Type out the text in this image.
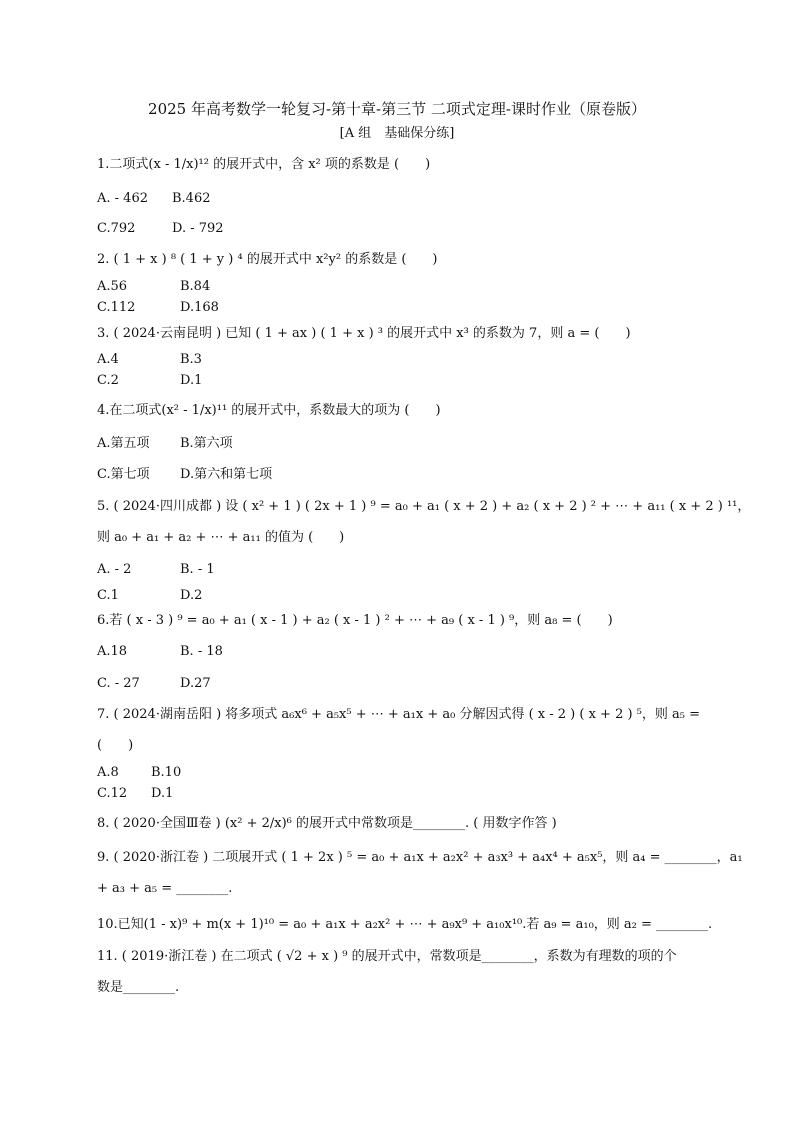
2025 年高考数学一轮复习-第十章-第三节 二项式定理-课时作业（原卷版）
[A 组　基础保分练]
1.二项式(x - 1/x)¹² 的展开式中，含 x² 项的系数是 (　　)
A. - 462 B.462
C.792	D. - 792
2. ( 1 + x ) ⁸ ( 1 + y ) ⁴ 的展开式中 x²y² 的系数是 (　　)
A.56	B.84
C.112	D.168
3. ( 2024·云南昆明 ) 已知 ( 1 + ax ) ( 1 + x ) ³ 的展开式中 x³ 的系数为 7，则 a = (　　)
A.4	B.3
C.2	D.1
4.在二项式(x² - 1/x)¹¹ 的展开式中，系数最大的项为 (　　)
A.第五项 B.第六项
C.第七项 D.第六和第七项
5. ( 2024·四川成都 ) 设 ( x² + 1 ) ( 2x + 1 ) ⁹ = a₀ + a₁ ( x + 2 ) + a₂ ( x + 2 ) ² + ⋯ + a₁₁ ( x + 2 ) ¹¹，
则 a₀ + a₁ + a₂ + ⋯ + a₁₁ 的值为 (　　)
A. - 2	B. - 1
C.1	D.2
6.若 ( x - 3 ) ⁹ = a₀ + a₁ ( x - 1 ) + a₂ ( x - 1 ) ² + ⋯ + a₉ ( x - 1 ) ⁹，则 a₈ = (　　)
A.18	B. - 18
C. - 27	D.27
7. ( 2024·湖南岳阳 ) 将多项式 a₆x⁶ + a₅x⁵ + ⋯ + a₁x + a₀ 分解因式得 ( x - 2 ) ( x + 2 ) ⁵，则 a₅ =
(　　)
A.8 B.10
C.12 D.1
8. ( 2020·全国Ⅲ卷 ) (x² + 2/x)⁶ 的展开式中常数项是________. ( 用数字作答 )
9. ( 2020·浙江卷 ) 二项展开式 ( 1 + 2x ) ⁵ = a₀ + a₁x + a₂x² + a₃x³ + a₄x⁴ + a₅x⁵，则 a₄ = ________，a₁
+ a₃ + a₅ = ________.
10.已知(1 - x)⁹ + m(x + 1)¹⁰ = a₀ + a₁x + a₂x² + ⋯ + a₉x⁹ + a₁₀x¹⁰.若 a₉ = a₁₀，则 a₂ = ________.
11. ( 2019·浙江卷 ) 在二项式 ( √2 + x ) ⁹ 的展开式中，常数项是________，系数为有理数的项的个
数是________.
